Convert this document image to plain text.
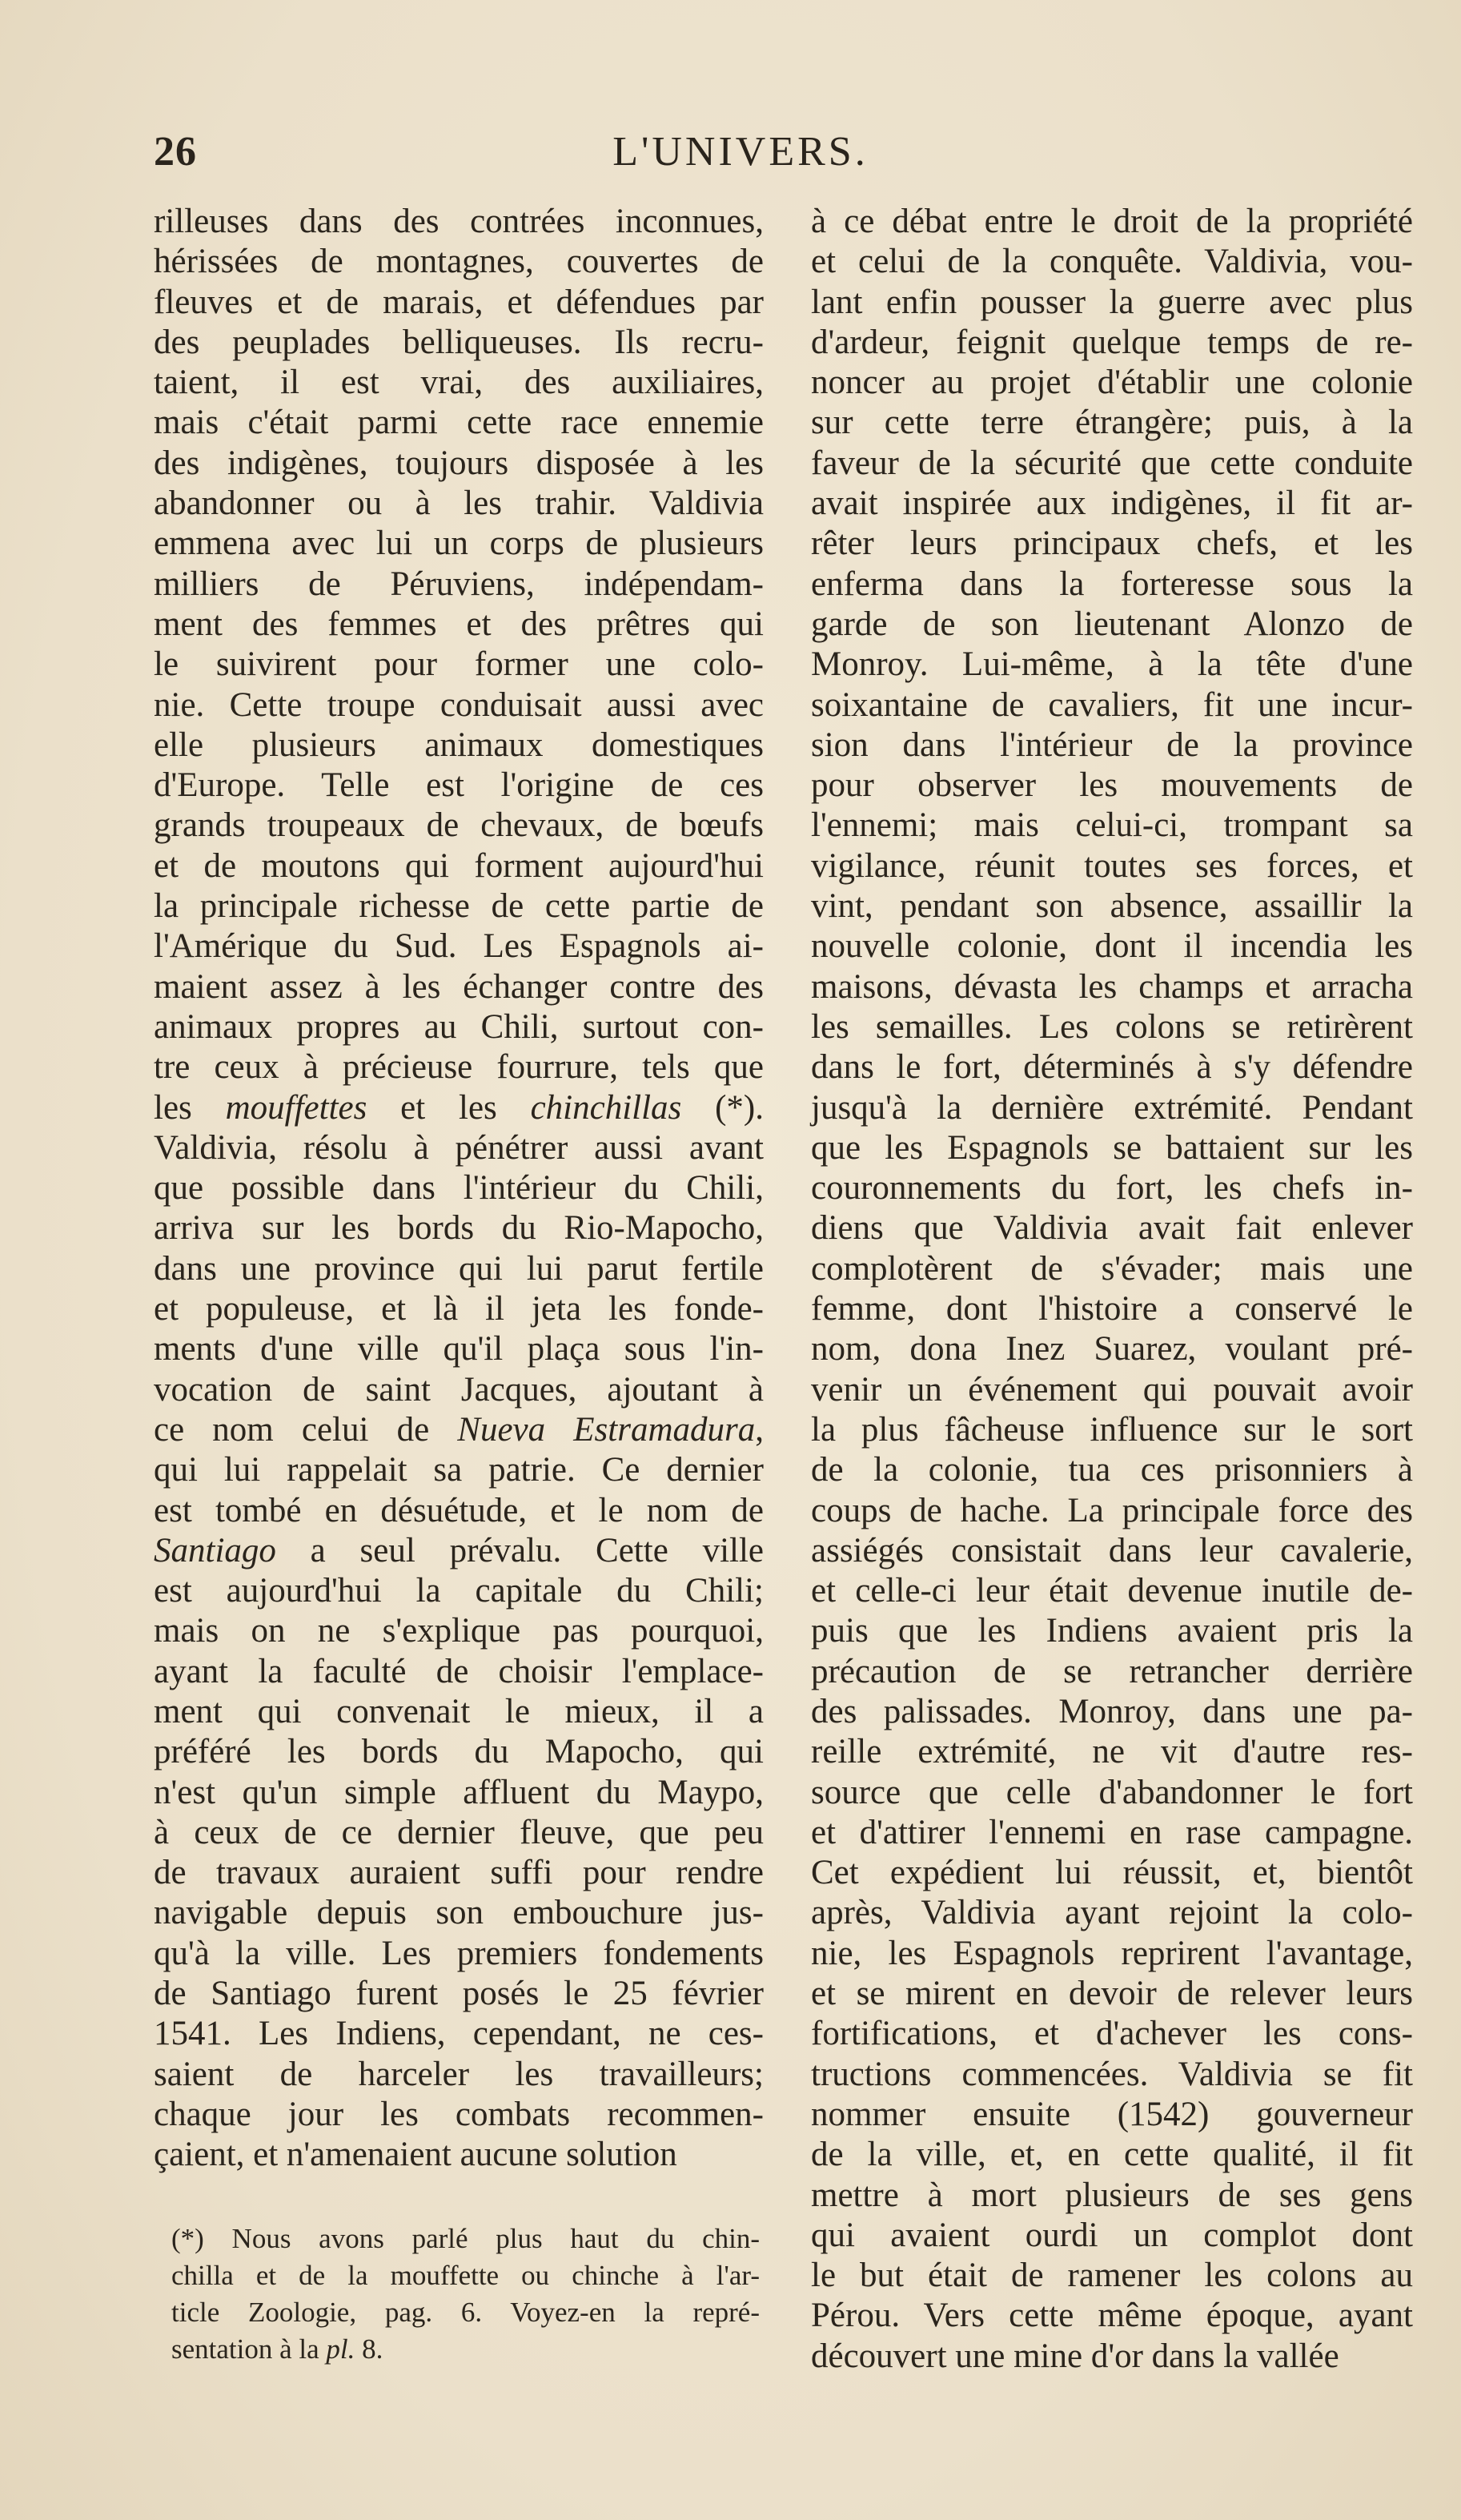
26	L'UNIVERS.

rilleuses dans des contrées inconnues,

hérissées de montagnes, couvertes de

fleuves et de marais, et défendues par

des peuplades belliqueuses. Ils recru-

taient, il est vrai, des auxiliaires,

mais c'était parmi cette race ennemie

des indigènes, toujours disposée à les

abandonner ou à les trahir. Valdivia

emmena avec lui un corps de plusieurs

milliers de Péruviens, indépendam-

ment des femmes et des prêtres qui

le suivirent pour former une colo-

nie. Cette troupe conduisait aussi avec

elle plusieurs animaux domestiques

d'Europe. Telle est l'origine de ces

grands troupeaux de chevaux, de bœufs

et de moutons qui forment aujourd'hui

la principale richesse de cette partie de

l'Amérique du Sud. Les Espagnols ai-

maient assez à les échanger contre des

animaux propres au Chili, surtout con-

tre ceux à précieuse fourrure, tels que

les mouffettes et les chinchillas (*).

Valdivia, résolu à pénétrer aussi avant

que possible dans l'intérieur du Chili,

arriva sur les bords du Rio-Mapocho,

dans une province qui lui parut fertile

et populeuse, et là il jeta les fonde-

ments d'une ville qu'il plaça sous l'in-

vocation de saint Jacques, ajoutant à

ce nom celui de Nueva Estramadura,

qui lui rappelait sa patrie. Ce dernier

est tombé en désuétude, et le nom de

Santiago a seul prévalu. Cette ville

est aujourd'hui la capitale du Chili;

mais on ne s'explique pas pourquoi,

ayant la faculté de choisir l'emplace-

ment qui convenait le mieux, il a

préféré les bords du Mapocho, qui

n'est qu'un simple affluent du Maypo,

à ceux de ce dernier fleuve, que peu

de travaux auraient suffi pour rendre

navigable depuis son embouchure jus-

qu'à la ville. Les premiers fondements

de Santiago furent posés le 25 février

1541. Les Indiens, cependant, ne ces-

saient de harceler les travailleurs;

chaque jour les combats recommen-

çaient, et n'amenaient aucune solution

à ce débat entre le droit de la propriété

et celui de la conquête. Valdivia, vou-

lant enfin pousser la guerre avec plus

d'ardeur, feignit quelque temps de re-

noncer au projet d'établir une colonie

sur cette terre étrangère; puis, à la

faveur de la sécurité que cette conduite

avait inspirée aux indigènes, il fit ar-

rêter leurs principaux chefs, et les

enferma dans la forteresse sous la

garde de son lieutenant Alonzo de

Monroy. Lui-même, à la tête d'une

soixantaine de cavaliers, fit une incur-

sion dans l'intérieur de la province

pour observer les mouvements de

l'ennemi; mais celui-ci, trompant sa

vigilance, réunit toutes ses forces, et

vint, pendant son absence, assaillir la

nouvelle colonie, dont il incendia les

maisons, dévasta les champs et arracha

les semailles. Les colons se retirèrent

dans le fort, déterminés à s'y défendre

jusqu'à la dernière extrémité. Pendant

que les Espagnols se battaient sur les

couronnements du fort, les chefs in-

diens que Valdivia avait fait enlever

complotèrent de s'évader; mais une

femme, dont l'histoire a conservé le

nom, dona Inez Suarez, voulant pré-

venir un événement qui pouvait avoir

la plus fâcheuse influence sur le sort

de la colonie, tua ces prisonniers à

coups de hache. La principale force des

assiégés consistait dans leur cavalerie,

et celle-ci leur était devenue inutile de-

puis que les Indiens avaient pris la

précaution de se retrancher derrière

des palissades. Monroy, dans une pa-

reille extrémité, ne vit d'autre res-

source que celle d'abandonner le fort

et d'attirer l'ennemi en rase campagne.

Cet expédient lui réussit, et, bientôt

après, Valdivia ayant rejoint la colo-

nie, les Espagnols reprirent l'avantage,

et se mirent en devoir de relever leurs

fortifications, et d'achever les cons-

tructions commencées. Valdivia se fit

nommer ensuite (1542) gouverneur

de la ville, et, en cette qualité, il fit

mettre à mort plusieurs de ses gens

qui avaient ourdi un complot dont

le but était de ramener les colons au

Pérou. Vers cette même époque, ayant

découvert une mine d'or dans la vallée

(*) Nous avons parlé plus haut du chin-

chilla et de la mouffette ou chinche à l'ar-

ticle Zoologie, pag. 6. Voyez-en la repré-

sentation à la pl. 8.
